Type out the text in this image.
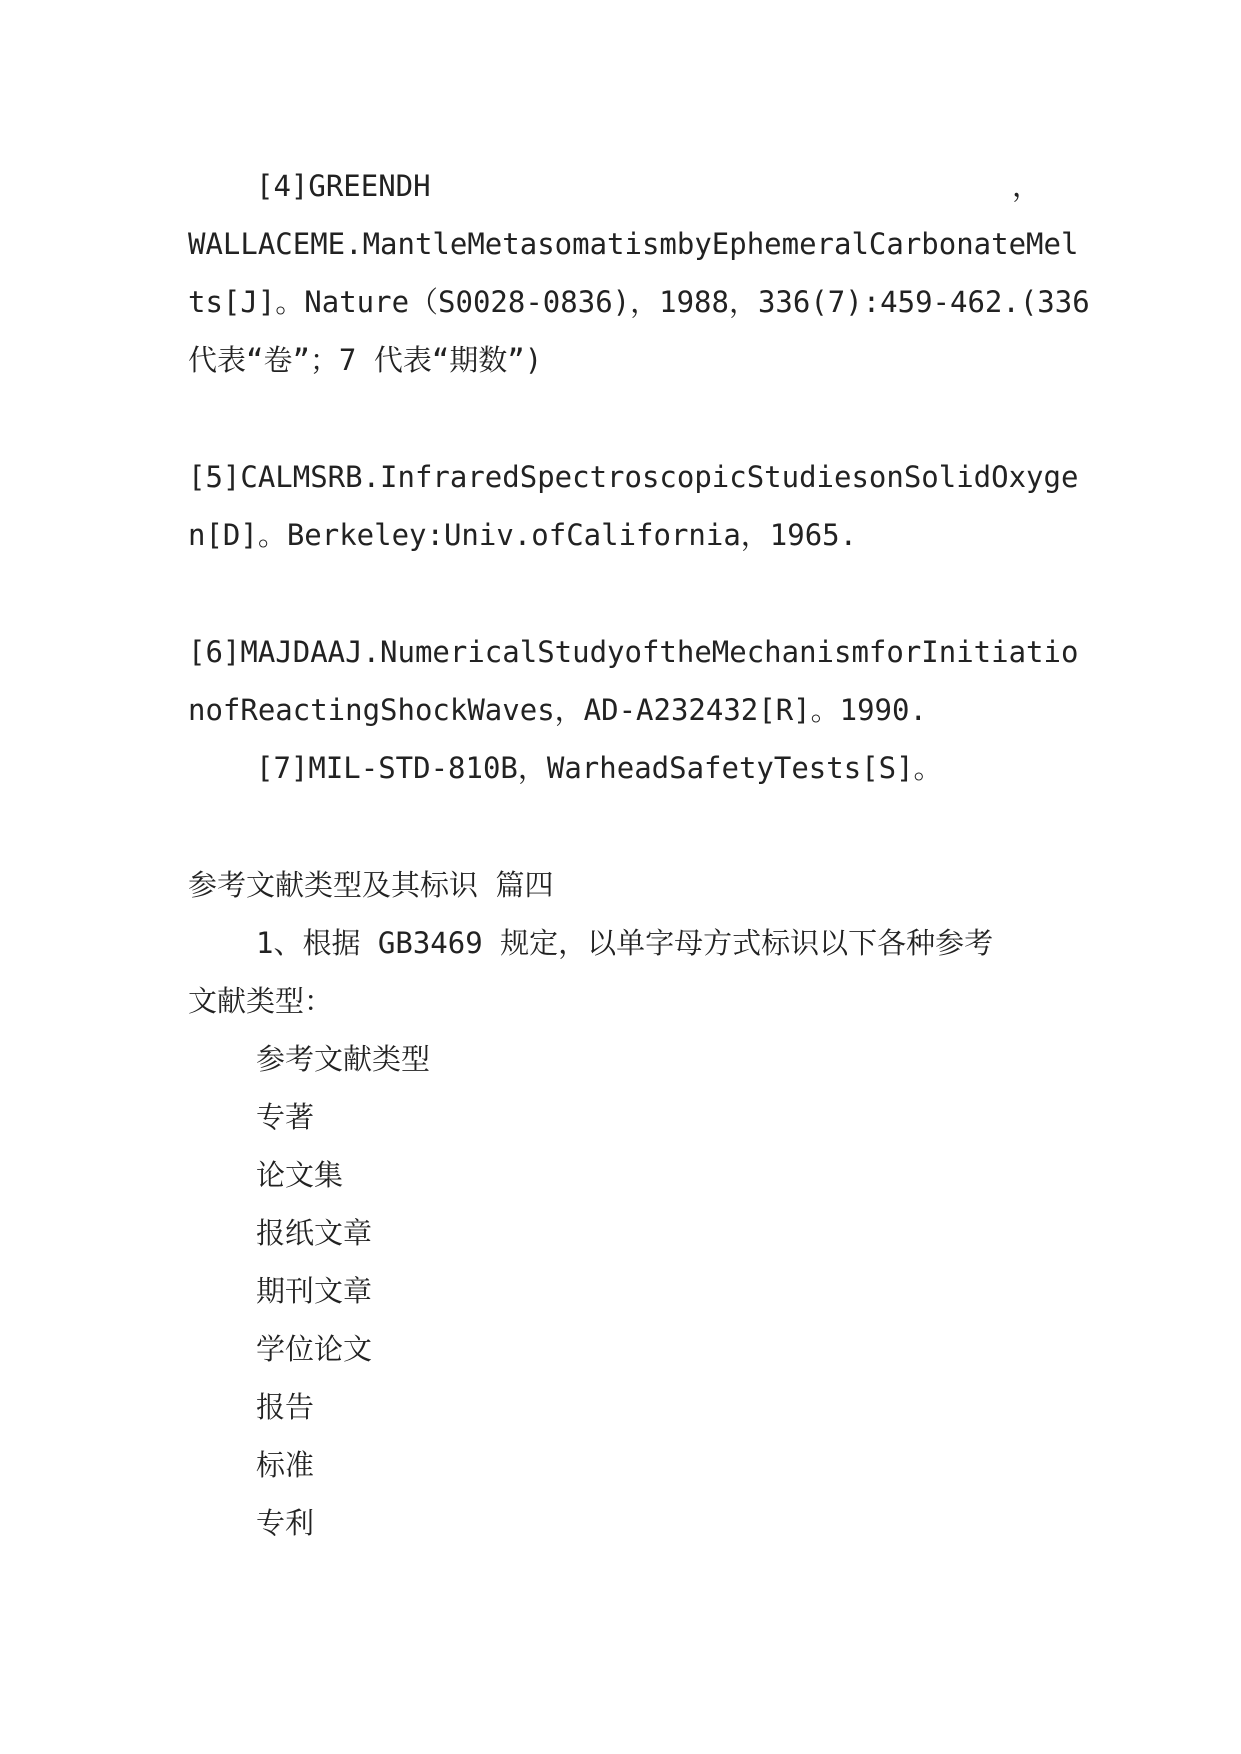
[4]GREENDH	，
WALLACEME.MantleMetasomatismbyEphemeralCarbonateMel
ts[J]。Nature（S0028-0836)，1988，336(7):459-462.(336
代表“卷”；7 代表“期数”)
[5]CALMSRB.InfraredSpectroscopicStudiesonSolidOxyge
n[D]。Berkeley:Univ.ofCalifornia，1965.
[6]MAJDAAJ.NumericalStudyoftheMechanismforInitiatio
nofReactingShockWaves，AD-A232432[R]。1990.
[7]MIL-STD-810B，WarheadSafetyTests[S]。
参考文献类型及其标识 篇四
1、根据 GB3469 规定，以单字母方式标识以下各种参考
文献类型：
参考文献类型
专著
论文集
报纸文章
期刊文章
学位论文
报告
标准
专利
